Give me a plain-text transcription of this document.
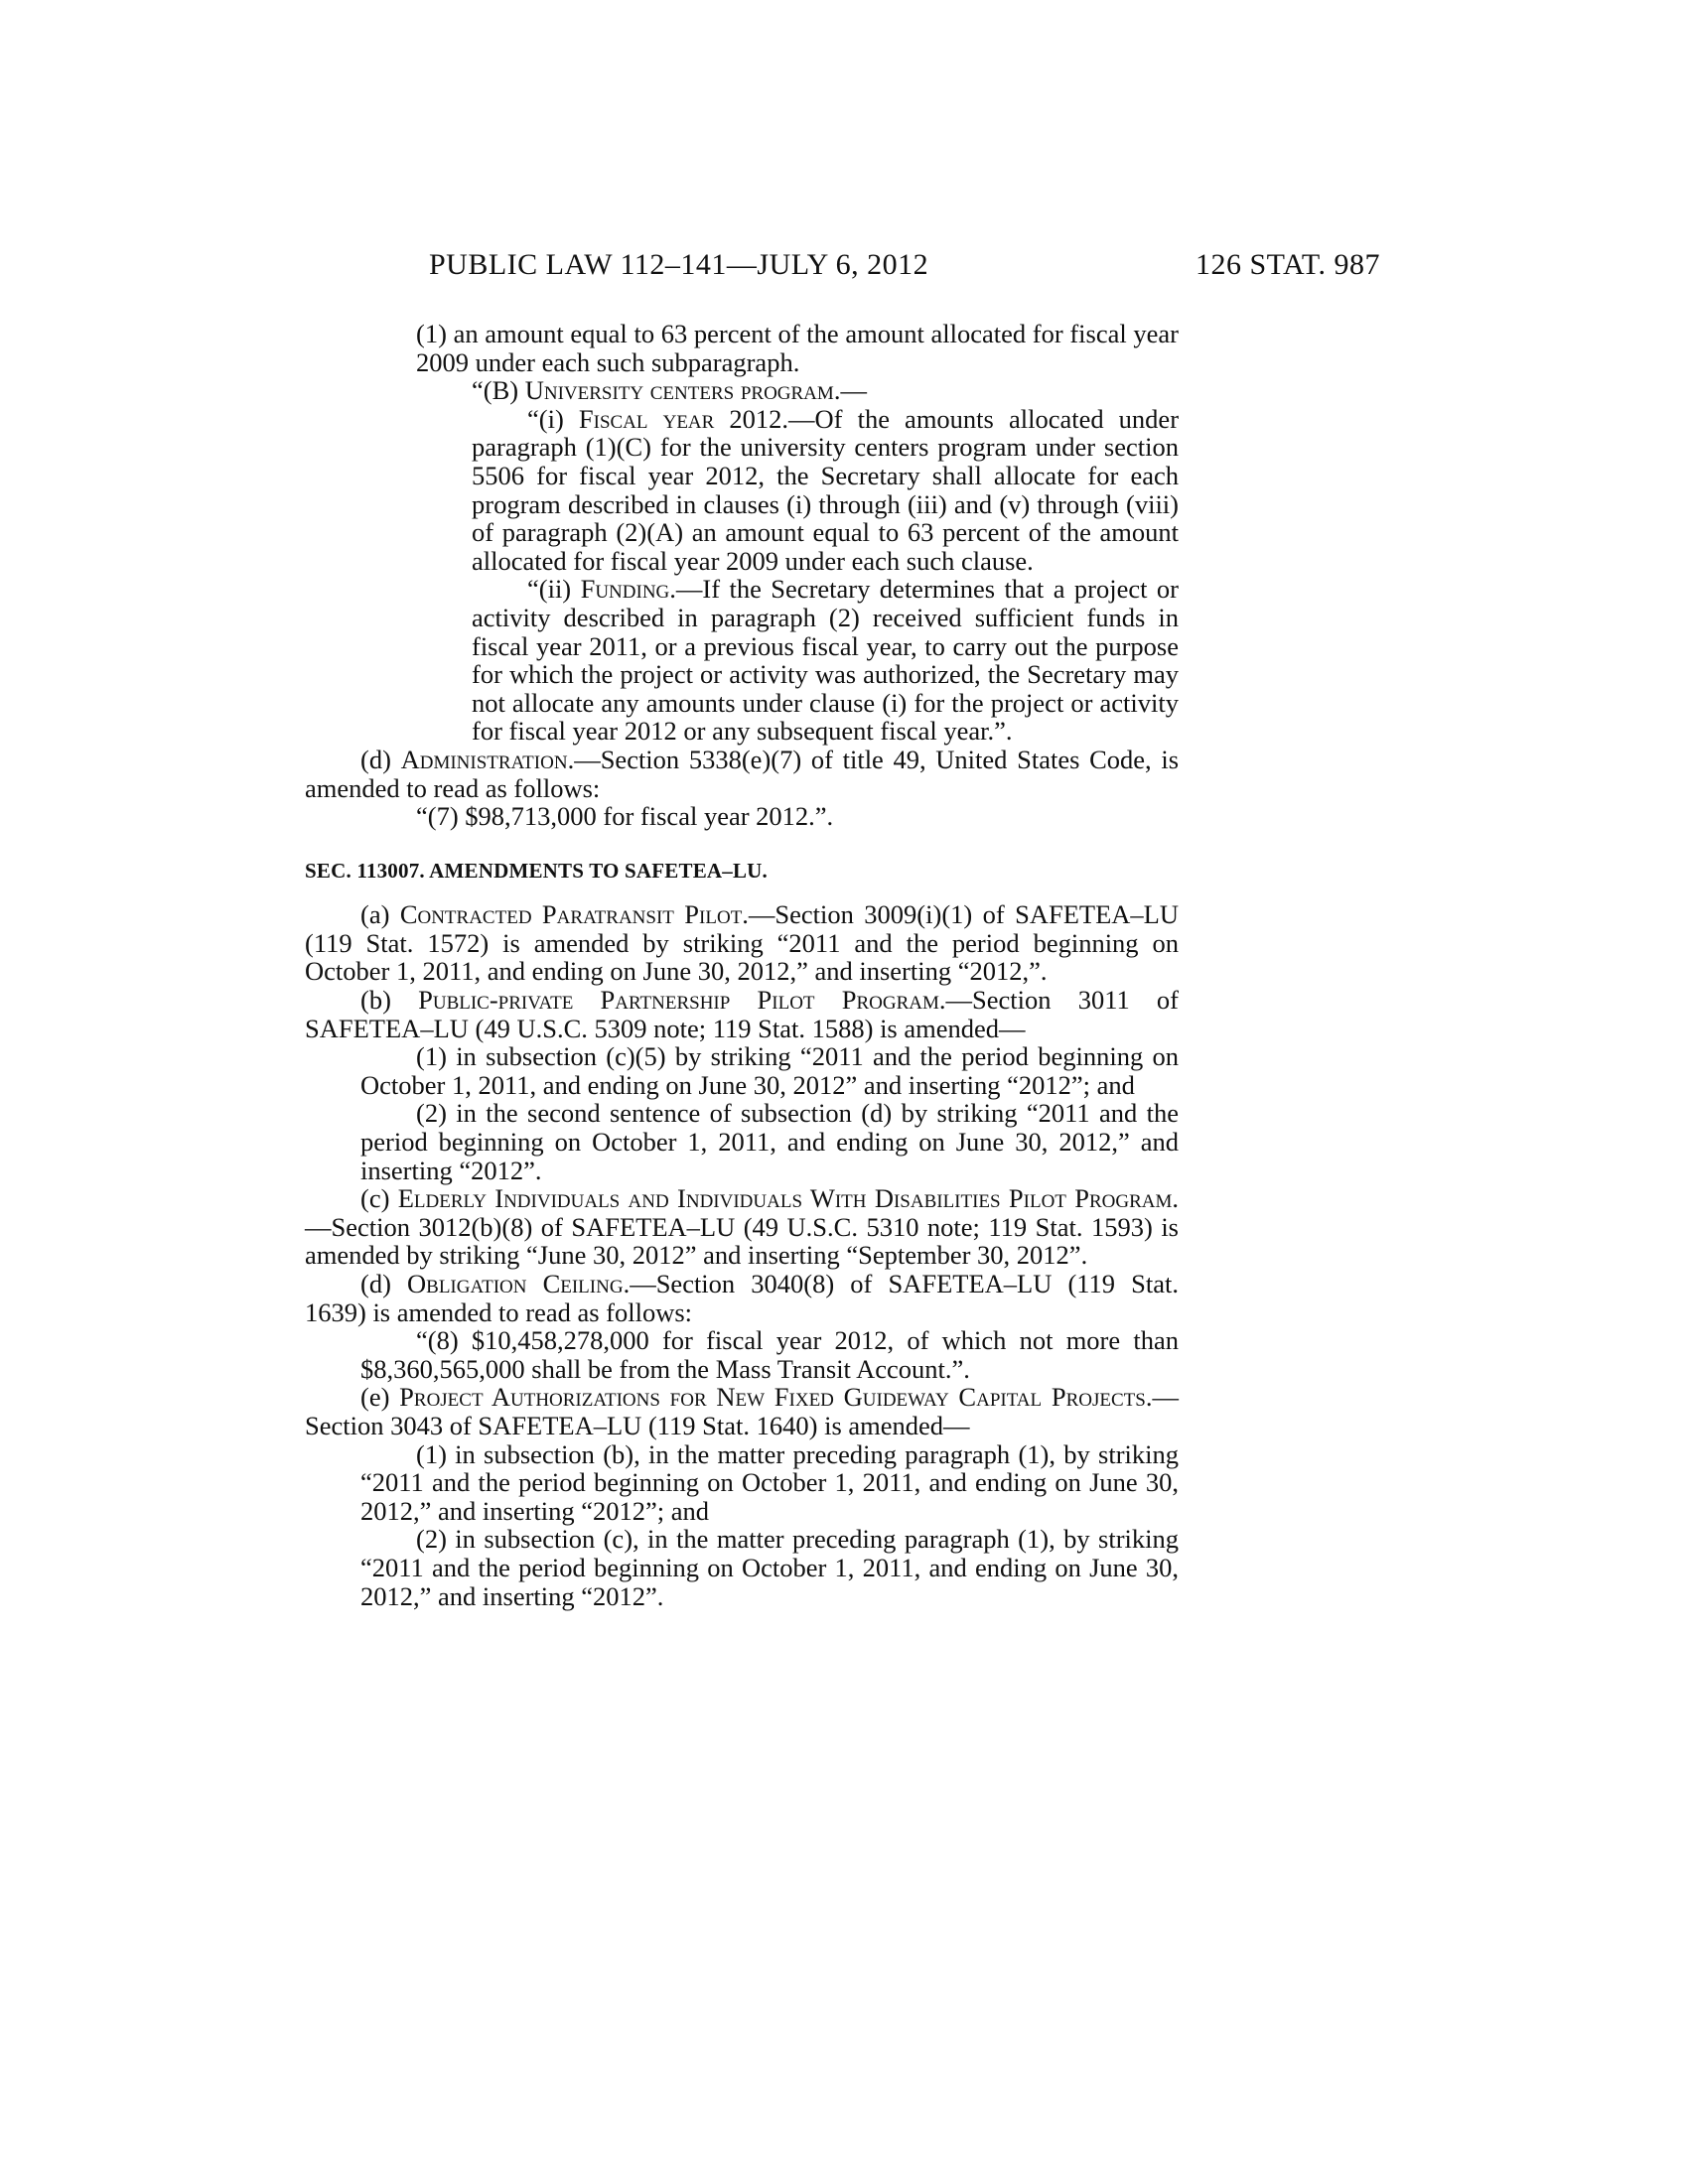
PUBLIC LAW 112–141—JULY 6, 2012	126 STAT. 987
(1) an amount equal to 63 percent of the amount allocated for fiscal year 2009 under each such subparagraph.
“(B) University centers program.—
“(i) Fiscal year 2012.—Of the amounts allocated under paragraph (1)(C) for the university centers program under section 5506 for fiscal year 2012, the Secretary shall allocate for each program described in clauses (i) through (iii) and (v) through (viii) of paragraph (2)(A) an amount equal to 63 percent of the amount allocated for fiscal year 2009 under each such clause.
“(ii) Funding.—If the Secretary determines that a project or activity described in paragraph (2) received sufficient funds in fiscal year 2011, or a previous fiscal year, to carry out the purpose for which the project or activity was authorized, the Secretary may not allocate any amounts under clause (i) for the project or activity for fiscal year 2012 or any subsequent fiscal year.”.
(d) Administration.—Section 5338(e)(7) of title 49, United States Code, is amended to read as follows:
“(7) $98,713,000 for fiscal year 2012.”.
SEC. 113007. AMENDMENTS TO SAFETEA–LU.
(a) Contracted Paratransit Pilot.—Section 3009(i)(1) of SAFETEA–LU (119 Stat. 1572) is amended by striking “2011 and the period beginning on October 1, 2011, and ending on June 30, 2012,” and inserting “2012,”.
(b) Public-private Partnership Pilot Program.—Section 3011 of SAFETEA–LU (49 U.S.C. 5309 note; 119 Stat. 1588) is amended—
(1) in subsection (c)(5) by striking “2011 and the period beginning on October 1, 2011, and ending on June 30, 2012” and inserting “2012”; and
(2) in the second sentence of subsection (d) by striking “2011 and the period beginning on October 1, 2011, and ending on June 30, 2012,” and inserting “2012”.
(c) Elderly Individuals and Individuals With Disabilities Pilot Program.—Section 3012(b)(8) of SAFETEA–LU (49 U.S.C. 5310 note; 119 Stat. 1593) is amended by striking “June 30, 2012” and inserting “September 30, 2012”.
(d) Obligation Ceiling.—Section 3040(8) of SAFETEA–LU (119 Stat. 1639) is amended to read as follows:
“(8) $10,458,278,000 for fiscal year 2012, of which not more than $8,360,565,000 shall be from the Mass Transit Account.”.
(e) Project Authorizations for New Fixed Guideway Capital Projects.—Section 3043 of SAFETEA–LU (119 Stat. 1640) is amended—
(1) in subsection (b), in the matter preceding paragraph (1), by striking “2011 and the period beginning on October 1, 2011, and ending on June 30, 2012,” and inserting “2012”; and
(2) in subsection (c), in the matter preceding paragraph (1), by striking “2011 and the period beginning on October 1, 2011, and ending on June 30, 2012,” and inserting “2012”.
